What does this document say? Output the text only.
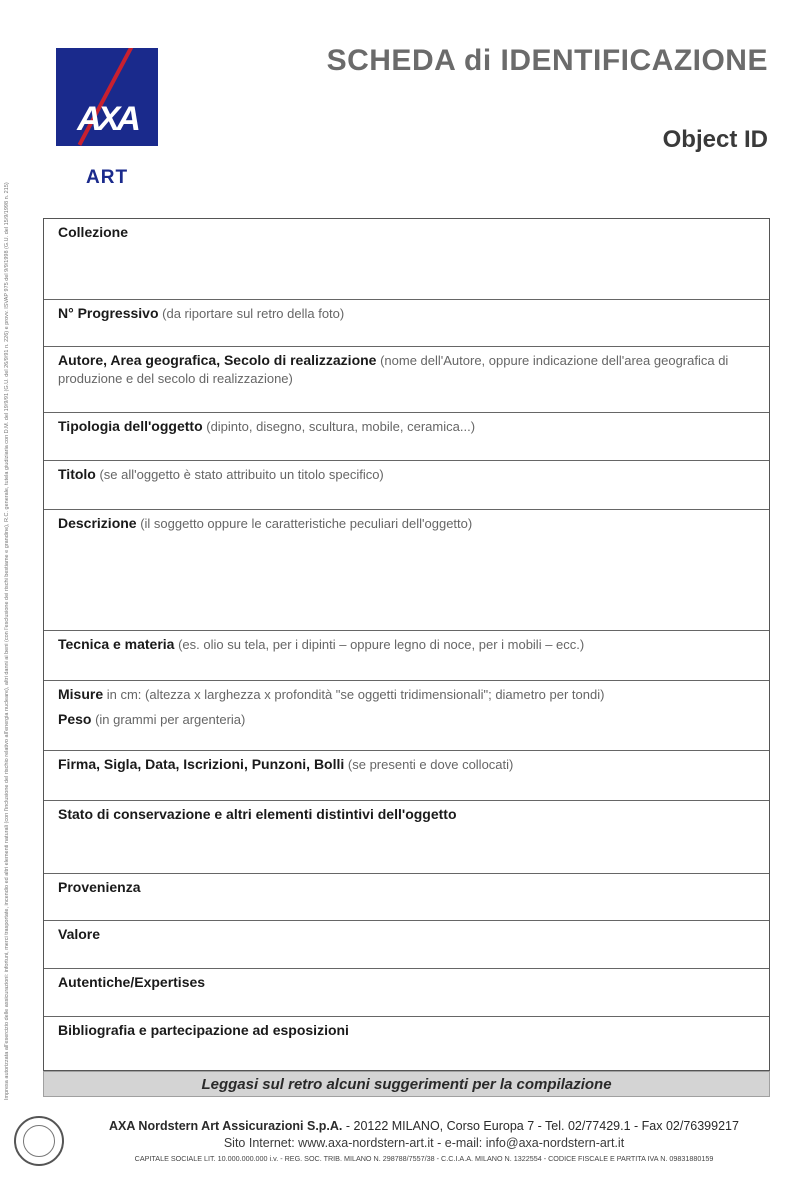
AXA
ART
SCHEDA di IDENTIFICAZIONE
Object ID
Impresa autorizzata all'esercizio delle assicurazioni: infortuni, merci trasportate, incendio ed altri elementi naturali (con l'inclusione del rischio relativo all'energia nucleare), altri danni ai beni (con l'esclusione dei rischi bestiame e grandine), R.C. generale, tutela giudiziaria con D.M. del 19/9/91 (G.U. del 26/9/91 n. 226) e provv. ISVAP 975 del 9/9/1998 (G.U. del 15/9/1998 n. 215)	Collezione
N° Progressivo (da riportare sul retro della foto)
Autore, Area geografica, Secolo di realizzazione (nome dell'Autore, oppure indicazione dell'area geografica di produzione e del secolo di realizzazione)
Tipologia dell'oggetto (dipinto, disegno, scultura, mobile, ceramica...)
Titolo (se all'oggetto è stato attribuito un titolo specifico)
Descrizione (il soggetto oppure le caratteristiche peculiari dell'oggetto)
Tecnica e materia (es. olio su tela, per i dipinti – oppure legno di noce, per i mobili – ecc.)
Misure in cm: (altezza x larghezza x profondità "se oggetti tridimensionali"; diametro per tondi)
Peso (in grammi per argenteria)
Firma, Sigla, Data, Iscrizioni, Punzoni, Bolli (se presenti e dove collocati)
Stato di conservazione e altri elementi distintivi dell'oggetto
Provenienza
Valore
Autentiche/Expertises
Bibliografia e partecipazione ad esposizioni
Leggasi sul retro alcuni suggerimenti per la compilazione
AXA Nordstern Art Assicurazioni S.p.A. - 20122 MILANO, Corso Europa 7 - Tel. 02/77429.1 - Fax 02/76399217
Sito Internet: www.axa-nordstern-art.it - e-mail: info@axa-nordstern-art.it
CAPITALE SOCIALE LIT. 10.000.000.000 i.v. - REG. SOC. TRIB. MILANO N. 298788/7557/38 - C.C.I.A.A. MILANO N. 1322554 - CODICE FISCALE E PARTITA IVA N. 09831880159
